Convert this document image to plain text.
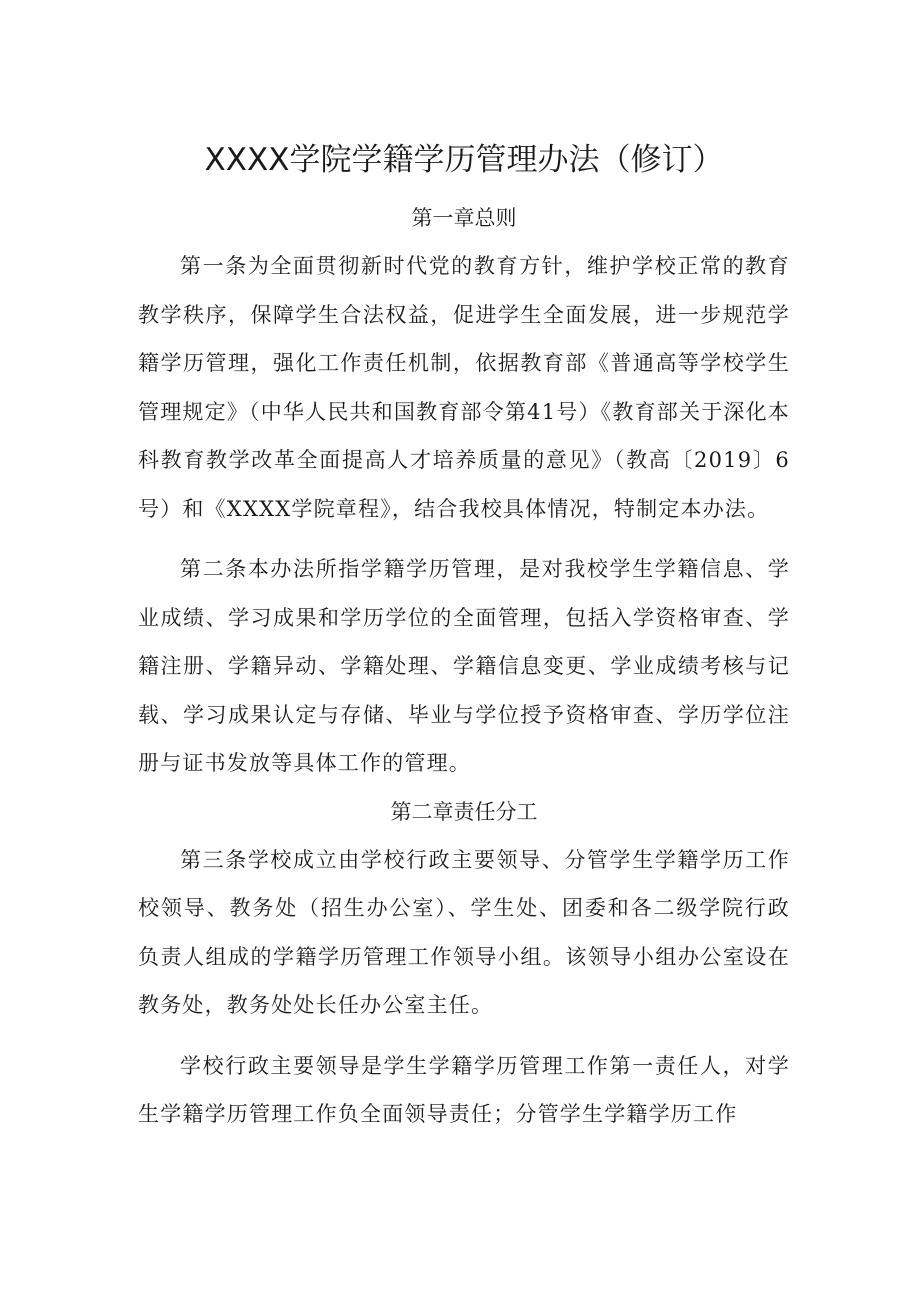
XXXX学院学籍学历管理办法（修订）
第一章总则

第一条为全面贯彻新时代党的教育方针，维护学校正常的教育教学秩序，保障学生合法权益，促进学生全面发展，进一步规范学籍学历管理，强化工作责任机制，依据教育部《普通高等学校学生管理规定》（中华人民共和国教育部令第41号）《教育部关于深化本科教育教学改革全面提高人才培养质量的意见》（教高〔2019〕6号）和《XXXX学院章程》，结合我校具体情况，特制定本办法。

第二条本办法所指学籍学历管理，是对我校学生学籍信息、学业成绩、学习成果和学历学位的全面管理，包括入学资格审查、学籍注册、学籍异动、学籍处理、学籍信息变更、学业成绩考核与记载、学习成果认定与存储、毕业与学位授予资格审查、学历学位注册与证书发放等具体工作的管理。

第二章责任分工

第三条学校成立由学校行政主要领导、分管学生学籍学历工作校领导、教务处（招生办公室）、学生处、团委和各二级学院行政负责人组成的学籍学历管理工作领导小组。该领导小组办公室设在教务处，教务处处长任办公室主任。

学校行政主要领导是学生学籍学历管理工作第一责任人，对学生学籍学历管理工作负全面领导责任；分管学生学籍学历工作
